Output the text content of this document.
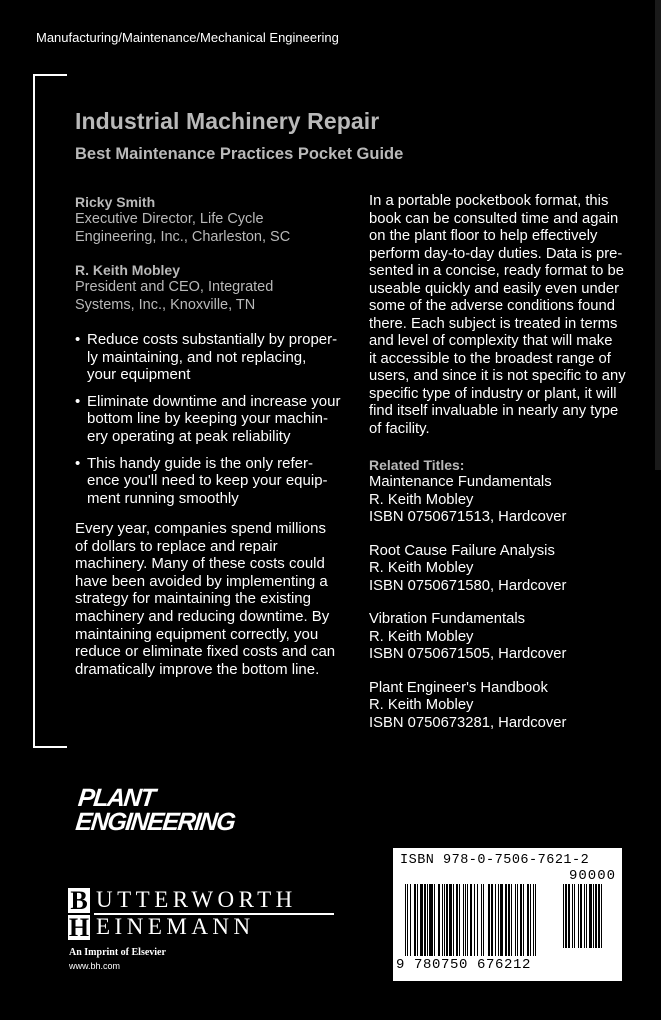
Manufacturing/Maintenance/Mechanical Engineering
Industrial Machinery Repair
Best Maintenance Practices Pocket Guide
Ricky Smith
Executive Director, Life Cycle
Engineering, Inc., Charleston, SC
R. Keith Mobley
President and CEO, Integrated
Systems, Inc., Knoxville, TN
• Reduce costs substantially by proper-
ly maintaining, and not replacing,
your equipment
• Eliminate downtime and increase your
bottom line by keeping your machin-
ery operating at peak reliability
• This handy guide is the only refer-
ence you'll need to keep your equip-
ment running smoothly
Every year, companies spend millions
of dollars to replace and repair
machinery. Many of these costs could
have been avoided by implementing a
strategy for maintaining the existing
machinery and reducing downtime. By
maintaining equipment correctly, you
reduce or eliminate fixed costs and can
dramatically improve the bottom line.
In a portable pocketbook format, this
book can be consulted time and again
on the plant floor to help effectively
perform day-to-day duties. Data is pre-
sented in a concise, ready format to be
useable quickly and easily even under
some of the adverse conditions found
there. Each subject is treated in terms
and level of complexity that will make
it accessible to the broadest range of
users, and since it is not specific to any
specific type of industry or plant, it will
find itself invaluable in nearly any type
of facility.
Related Titles:
Maintenance Fundamentals
R. Keith Mobley
ISBN 0750671513, Hardcover
Root Cause Failure Analysis
R. Keith Mobley
ISBN 0750671580, Hardcover
Vibration Fundamentals
R. Keith Mobley
ISBN 0750671505, Hardcover
Plant Engineer's Handbook
R. Keith Mobley
ISBN 0750673281, Hardcover
PLANT
ENGINEERING
B
H
UTTERWORTH
EINEMANN
An Imprint of Elsevier
www.bh.com
ISBN 978-0-7506-7621-2
90000
9 780750 676212
